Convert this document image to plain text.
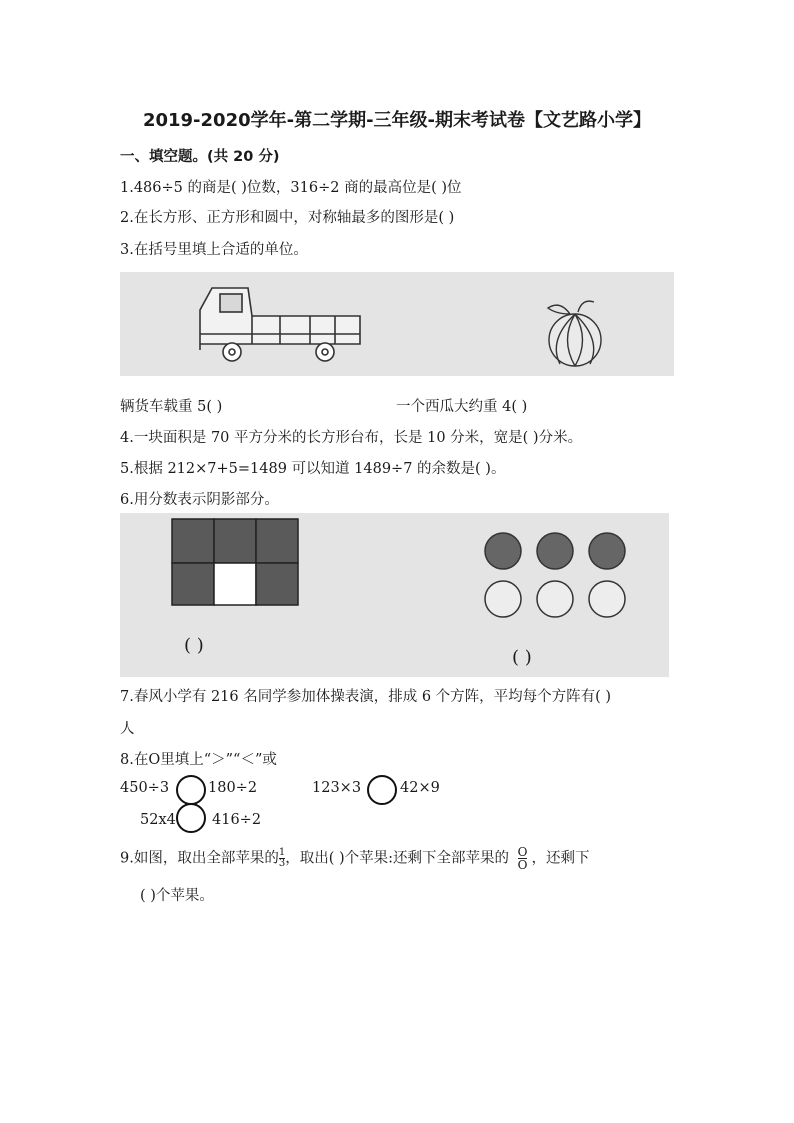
2019-2020学年-第二学期-三年级-期末考试卷【文艺路小学】
一、填空题。(共 20 分)
1.486÷5 的商是( )位数，316÷2 商的最高位是( )位
2.在长方形、正方形和圆中，对称轴最多的图形是( )
3.在括号里填上合适的单位。
辆货车载重 5( )	一个西瓜大约重 4( )
4.一块面积是 70 平方分米的长方形台布，长是 10 分米，宽是( )分米。
5.根据 212×7+5=1489 可以知道 1489÷7 的余数是( )。
6.用分数表示阴影部分。
( )
( )
7.春风小学有 216 名同学参加体操表演，排成 6 个方阵，平均每个方阵有( )
人
8.在O里填上“＞”“＜”或
450÷3	180÷2	123×3	42×9
52x4 416÷2
9.如图，取出全部苹果的 $\frac{1}{3}$ ，取出( )个苹果:还剩下全部苹果的 $\frac{O}{O}$ ，还剩下
( )个苹果。
